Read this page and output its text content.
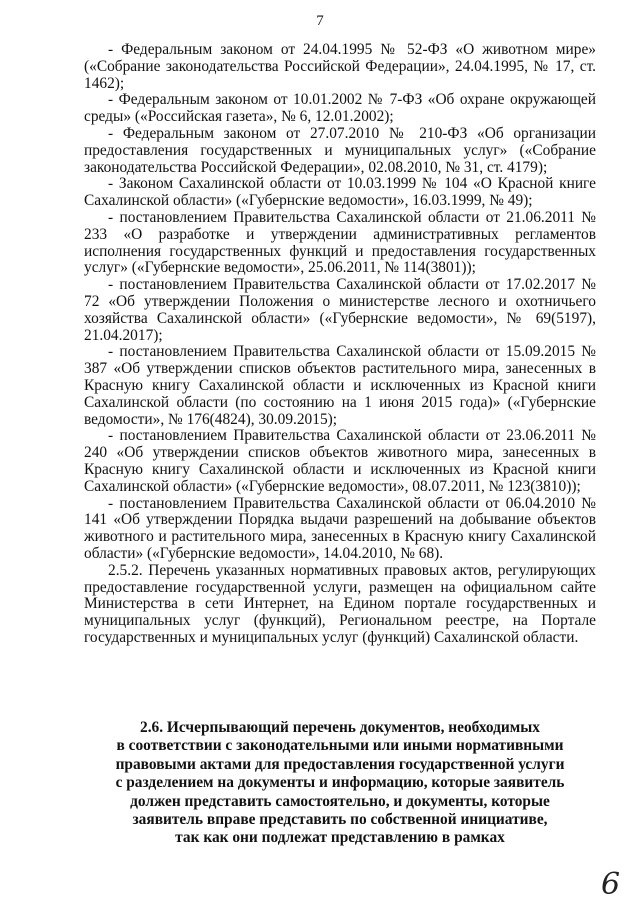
7

- Федеральным законом от 24.04.1995 № 52-ФЗ «О животном мире» («Собрание законодательства Российской Федерации», 24.04.1995, № 17, ст. 1462);

- Федеральным законом от 10.01.2002 № 7-ФЗ «Об охране окружающей среды» («Российская газета», № 6, 12.01.2002);

- Федеральным законом от 27.07.2010 № 210-ФЗ «Об организации предоставления государственных и муниципальных услуг» («Собрание законодательства Российской Федерации», 02.08.2010, № 31, ст. 4179);

- Законом Сахалинской области от 10.03.1999 № 104 «О Красной книге Сахалинской области» («Губернские ведомости», 16.03.1999, № 49);

- постановлением Правительства Сахалинской области от 21.06.2011 № 233 «О разработке и утверждении административных регламентов исполнения государственных функций и предоставления государственных услуг» («Губернские ведомости», 25.06.2011, № 114(3801));

- постановлением Правительства Сахалинской области от 17.02.2017 № 72 «Об утверждении Положения о министерстве лесного и охотничьего хозяйства Сахалинской области» («Губернские ведомости», № 69(5197), 21.04.2017);

- постановлением Правительства Сахалинской области от 15.09.2015 № 387 «Об утверждении списков объектов растительного мира, занесенных в Красную книгу Сахалинской области и исключенных из Красной книги Сахалинской области (по состоянию на 1 июня 2015 года)» («Губернские ведомости», № 176(4824), 30.09.2015);

- постановлением Правительства Сахалинской области от 23.06.2011 № 240 «Об утверждении списков объектов животного мира, занесенных в Красную книгу Сахалинской области и исключенных из Красной книги Сахалинской области» («Губернские ведомости», 08.07.2011, № 123(3810));

- постановлением Правительства Сахалинской области от 06.04.2010 № 141 «Об утверждении Порядка выдачи разрешений на добывание объектов животного и растительного мира, занесенных в Красную книгу Сахалинской области» («Губернские ведомости», 14.04.2010, № 68).

2.5.2. Перечень указанных нормативных правовых актов, регулирующих предоставление государственной услуги, размещен на официальном сайте Министерства в сети Интернет, на Едином портале государственных и муниципальных услуг (функций), Региональном реестре, на Портале государственных и муниципальных услуг (функций) Сахалинской области.

2.6. Исчерпывающий перечень документов, необходимых
в соответствии с законодательными или иными нормативными
правовыми актами для предоставления государственной услуги
с разделением на документы и информацию, которые заявитель
должен представить самостоятельно, и документы, которые
заявитель вправе представить по собственной инициативе,
так как они подлежат представлению в рамках
6
